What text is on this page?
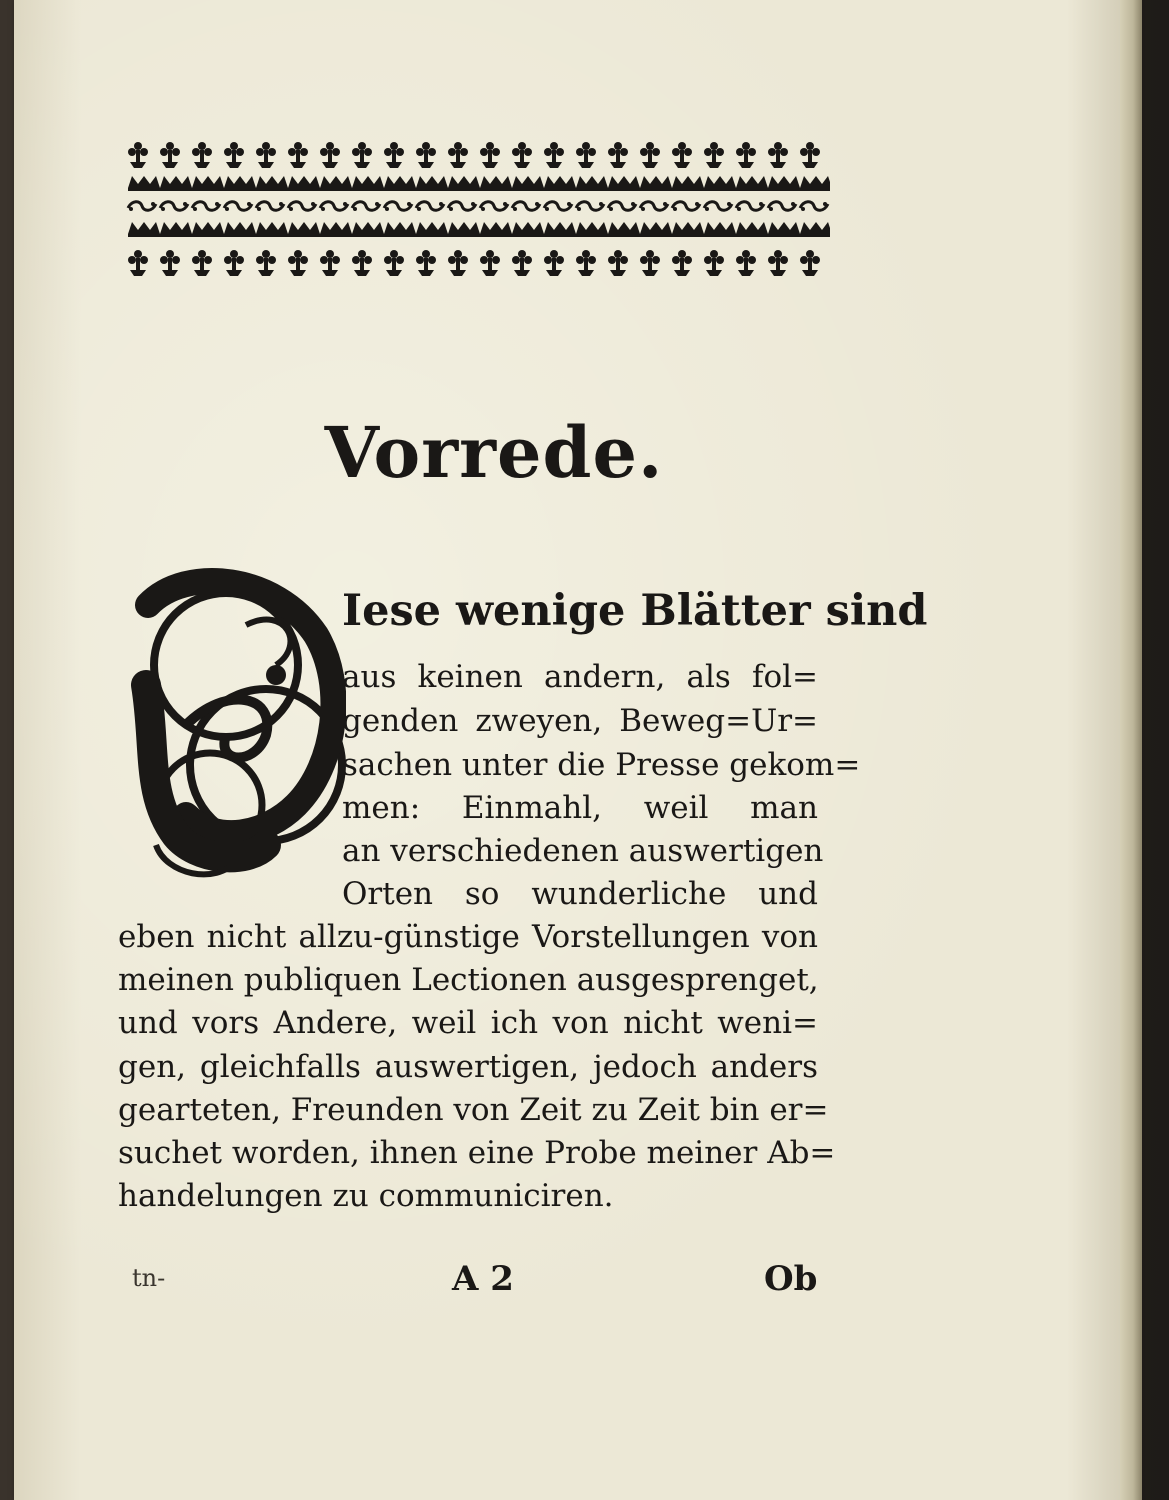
Vorrede.

Iese wenige Blätter sind

aus keinen andern, als fol=

genden zweyen, Beweg=Ur=

sachen unter die Presse gekom=

men: Einmahl, weil man

an verschiedenen auswertigen

Orten so wunderliche und

eben nicht allzu-günstige Vorstellungen von

meinen publiquen Lectionen ausgesprenget,

und vors Andere, weil ich von nicht weni=

gen, gleichfalls auswertigen, jedoch anders

gearteten, Freunden von Zeit zu Zeit bin er=

suchet worden, ihnen eine Probe meiner Ab=

handelungen zu communiciren.

tn-	A 2	Ob
